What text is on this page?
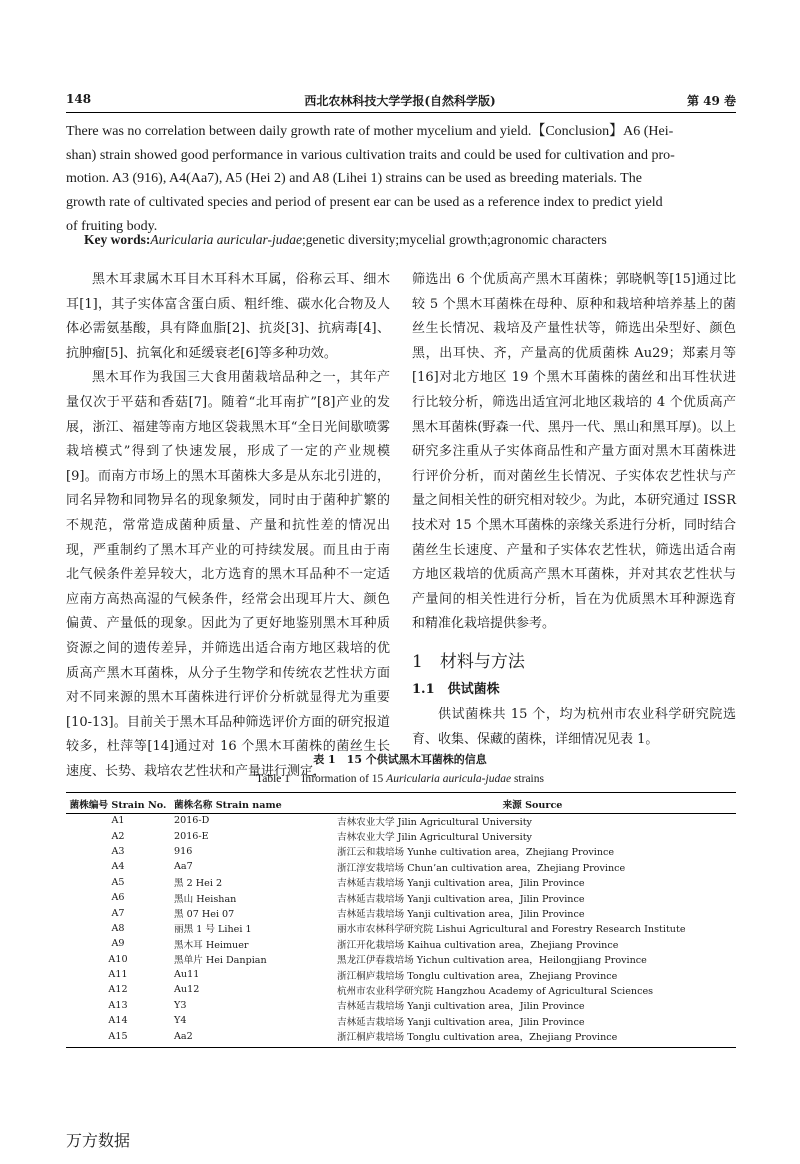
148	西北农林科技大学学报(自然科学版)	第 49 卷
There was no correlation between daily growth rate of mother mycelium and yield.【Conclusion】A6 (Hei-
shan) strain showed good performance in various cultivation traits and could be used for cultivation and pro-
motion. A3 (916), A4(Aa7), A5 (Hei 2) and A8 (Lihei 1) strains can be used as breeding materials. The
growth rate of cultivated species and period of present ear can be used as a reference index to predict yield
of fruiting body.
Key words:Auricularia auricular-judae;genetic diversity;mycelial growth;agronomic characters

黑木耳隶属木耳目木耳科木耳属，俗称云耳、细木耳[1]，其子实体富含蛋白质、粗纤维、碳水化合物及人体必需氨基酸，具有降血脂[2]、抗炎[3]、抗病毒[4]、抗肿瘤[5]、抗氧化和延缓衰老[6]等多种功效。

黑木耳作为我国三大食用菌栽培品种之一，其年产量仅次于平菇和香菇[7]。随着“北耳南扩”[8]产业的发展，浙江、福建等南方地区袋栽黑木耳“全日光间歇喷雾栽培模式”得到了快速发展，形成了一定的产业规模[9]。而南方市场上的黑木耳菌株大多是从东北引进的，同名异物和同物异名的现象频发，同时由于菌种扩繁的不规范，常常造成菌种质量、产量和抗性差的情况出现，严重制约了黑木耳产业的可持续发展。而且由于南北气候条件差异较大，北方选育的黑木耳品种不一定适应南方高热高湿的气候条件，经常会出现耳片大、颜色偏黄、产量低的现象。因此为了更好地鉴别黑木耳种质资源之间的遗传差异，并筛选出适合南方地区栽培的优质高产黑木耳菌株，从分子生物学和传统农艺性状方面对不同来源的黑木耳菌株进行评价分析就显得尤为重要[10-13]。目前关于黑木耳品种筛选评价方面的研究报道较多，杜萍等[14]通过对 16 个黑木耳菌株的菌丝生长速度、长势、栽培农艺性状和产量进行测定，

筛选出 6 个优质高产黑木耳菌株；郭晓帆等[15]通过比较 5 个黑木耳菌株在母种、原种和栽培种培养基上的菌丝生长情况、栽培及产量性状等，筛选出朵型好、颜色黑，出耳快、齐，产量高的优质菌株 Au29；郑素月等[16]对北方地区 19 个黑木耳菌株的菌丝和出耳性状进行比较分析，筛选出适宜河北地区栽培的 4 个优质高产黑木耳菌株(野森一代、黑丹一代、黑山和黑耳厚)。以上研究多注重从子实体商品性和产量方面对黑木耳菌株进行评价分析，而对菌丝生长情况、子实体农艺性状与产量之间相关性的研究相对较少。为此，本研究通过 ISSR 技术对 15 个黑木耳菌株的亲缘关系进行分析，同时结合菌丝生长速度、产量和子实体农艺性状，筛选出适合南方地区栽培的优质高产黑木耳菌株，并对其农艺性状与产量间的相关性进行分析，旨在为优质黑木耳种源选育和精准化栽培提供参考。

1　材料与方法
1.1　供试菌株

供试菌株共 15 个，均为杭州市农业科学研究院选育、收集、保藏的菌株，详细情况见表 1。

表 1　15 个供试黑木耳菌株的信息
Table 1　Information of 15 Auricularia auricula-judae strains
菌株编号 Strain No.	菌株名称 Strain name	来源 Source
A1	2016-D	吉林农业大学 Jilin Agricultural University
A2	2016-E	吉林农业大学 Jilin Agricultural University
A3	916	浙江云和栽培场 Yunhe cultivation area，Zhejiang Province
A4	Aa7	浙江淳安栽培场 Chun’an cultivation area，Zhejiang Province
A5	黑 2 Hei 2	吉林延吉栽培场 Yanji cultivation area，Jilin Province
A6	黑山 Heishan	吉林延吉栽培场 Yanji cultivation area，Jilin Province
A7	黑 07 Hei 07	吉林延吉栽培场 Yanji cultivation area，Jilin Province
A8	丽黑 1 号 Lihei 1	丽水市农林科学研究院 Lishui Agricultural and Forestry Research Institute
A9	黑木耳 Heimuer	浙江开化栽培场 Kaihua cultivation area，Zhejiang Province
A10	黑单片 Hei Danpian	黑龙江伊春栽培场 Yichun cultivation area，Heilongjiang Province
A11	Au11	浙江桐庐栽培场 Tonglu cultivation area，Zhejiang Province
A12	Au12	杭州市农业科学研究院 Hangzhou Academy of Agricultural Sciences
A13	Y3	吉林延吉栽培场 Yanji cultivation area，Jilin Province
A14	Y4	吉林延吉栽培场 Yanji cultivation area，Jilin Province
A15	Aa2	浙江桐庐栽培场 Tonglu cultivation area，Zhejiang Province
万方数据
